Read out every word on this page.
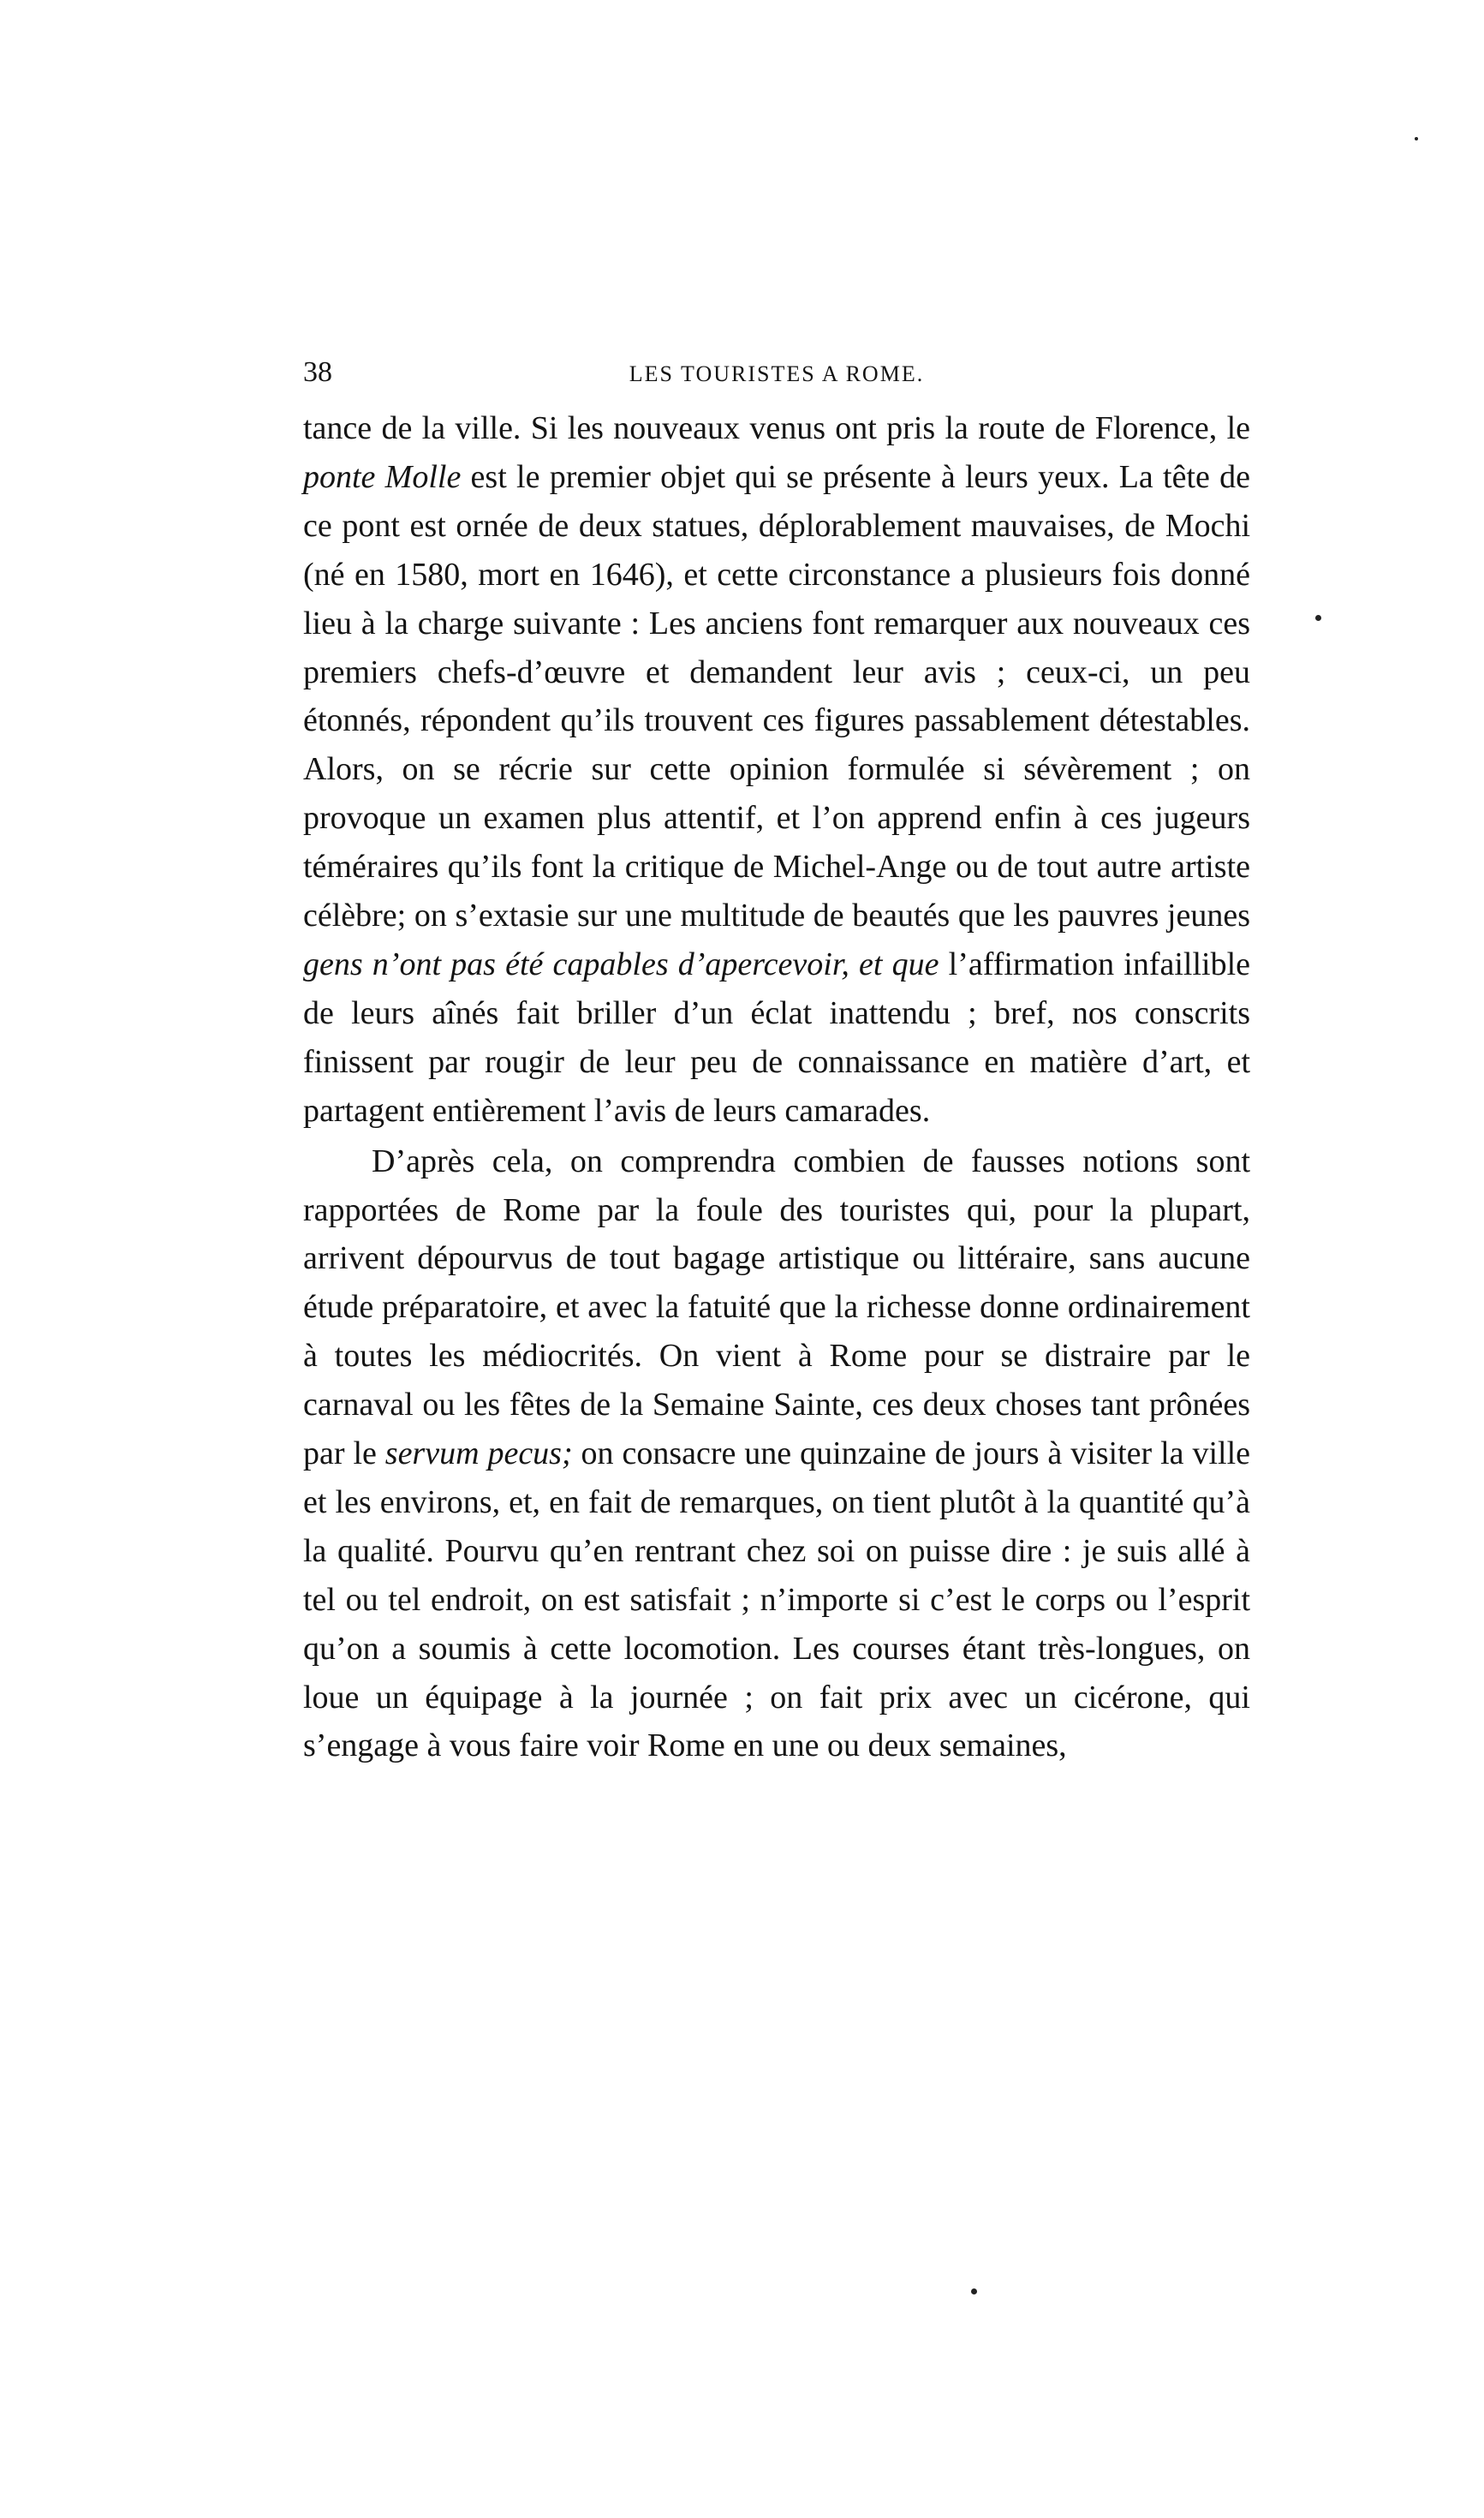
38	LES TOURISTES A ROME.

tance de la ville. Si les nouveaux venus ont pris la route de Florence, le ponte Molle est le premier objet qui se présente à leurs yeux. La tête de ce pont est ornée de deux statues, déplorablement mauvaises, de Mochi (né en 1580, mort en 1646), et cette circonstance a plusieurs fois donné lieu à la charge suivante : Les anciens font remarquer aux nouveaux ces premiers chefs-d’œuvre et demandent leur avis ; ceux-ci, un peu étonnés, répondent qu’ils trouvent ces figures passablement détestables. Alors, on se récrie sur cette opinion formulée si sévèrement ; on provoque un examen plus attentif, et l’on apprend enfin à ces jugeurs téméraires qu’ils font la critique de Michel-Ange ou de tout autre artiste célèbre; on s’extasie sur une multitude de beautés que les pauvres jeunes gens n’ont pas été capables d’apercevoir, et que l’affirmation infaillible de leurs aînés fait briller d’un éclat inattendu ; bref, nos conscrits finissent par rougir de leur peu de connaissance en matière d’art, et partagent entièrement l’avis de leurs camarades.

D’après cela, on comprendra combien de fausses notions sont rapportées de Rome par la foule des touristes qui, pour la plupart, arrivent dépourvus de tout bagage artistique ou littéraire, sans aucune étude préparatoire, et avec la fatuité que la richesse donne ordinairement à toutes les médiocrités. On vient à Rome pour se distraire par le carnaval ou les fêtes de la Semaine Sainte, ces deux choses tant prônées par le servum pecus; on consacre une quinzaine de jours à visiter la ville et les environs, et, en fait de remarques, on tient plutôt à la quantité qu’à la qualité. Pourvu qu’en rentrant chez soi on puisse dire : je suis allé à tel ou tel endroit, on est satisfait ; n’importe si c’est le corps ou l’esprit qu’on a soumis à cette locomotion. Les courses étant très-longues, on loue un équipage à la journée ; on fait prix avec un cicérone, qui s’engage à vous faire voir Rome en une ou deux semaines,
